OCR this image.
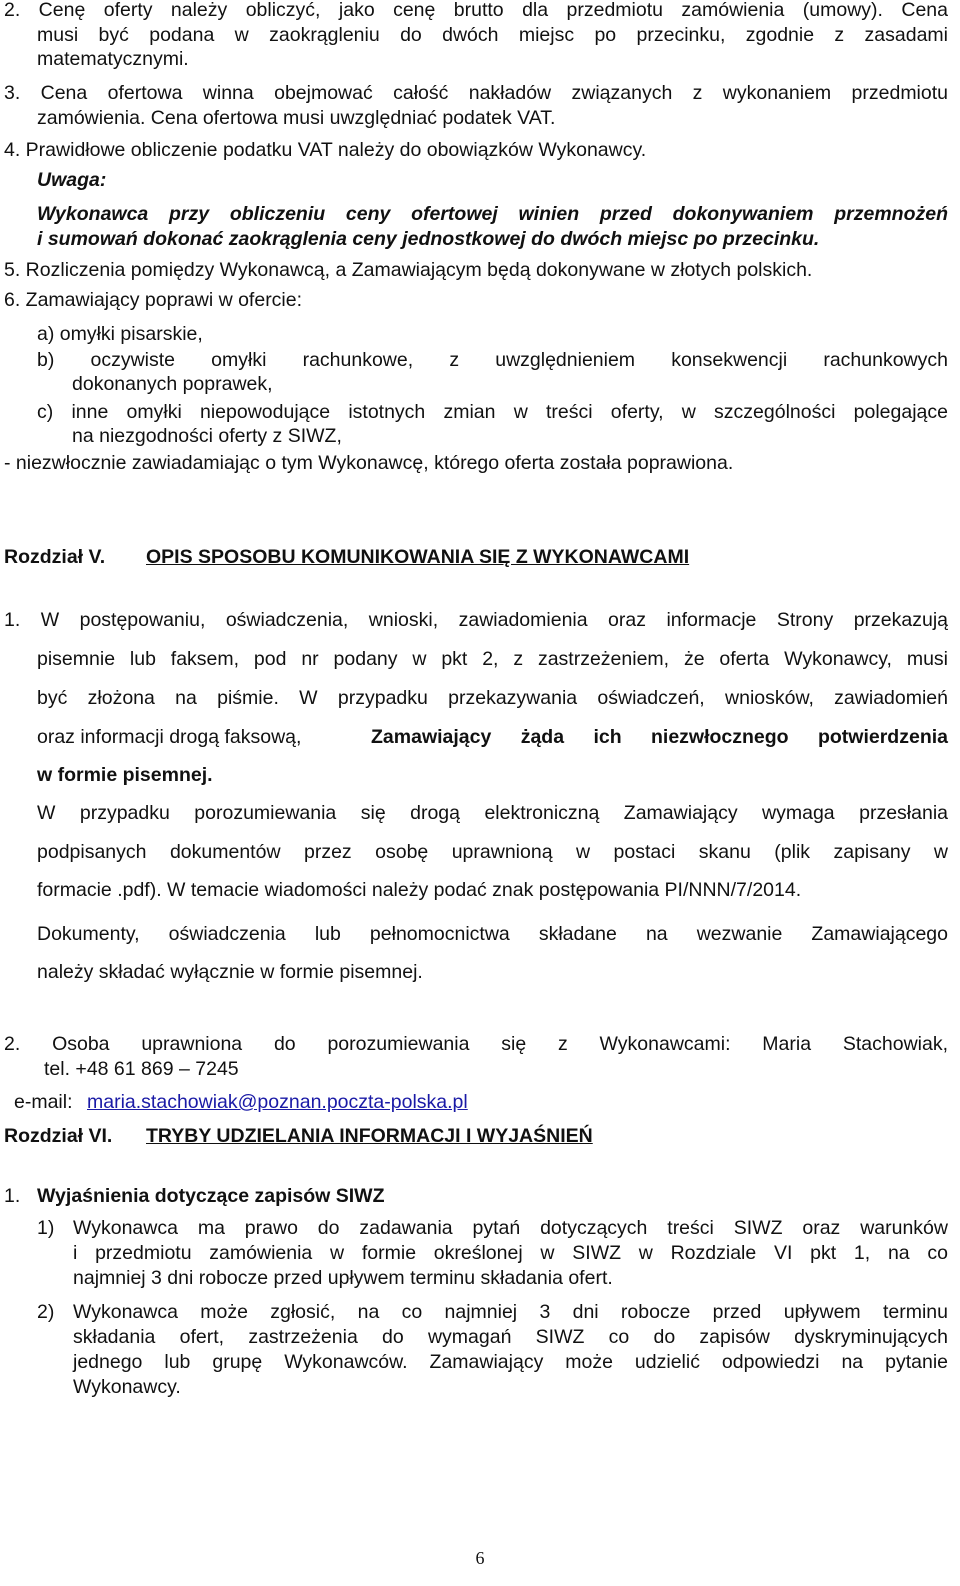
2. Cenę oferty należy obliczyć, jako cenę brutto dla przedmiotu zamówienia (umowy). Cena

musi być podana w zaokrągleniu do dwóch miejsc po przecinku, zgodnie z zasadami

matematycznymi.

3. Cena ofertowa winna obejmować całość nakładów związanych z wykonaniem przedmiotu

zamówienia. Cena ofertowa musi uwzględniać podatek VAT.

4. Prawidłowe obliczenie podatku VAT należy do obowiązków Wykonawcy.

Uwaga:

Wykonawca przy obliczeniu ceny ofertowej winien przed dokonywaniem przemnożeń

i sumowań dokonać zaokrąglenia ceny jednostkowej do dwóch miejsc po przecinku.

5. Rozliczenia pomiędzy Wykonawcą, a Zamawiającym będą dokonywane w złotych polskich.

6. Zamawiający poprawi w ofercie:

a) omyłki pisarskie,

b) oczywiste omyłki rachunkowe, z uwzględnieniem konsekwencji rachunkowych

dokonanych poprawek,

c) inne omyłki niepowodujące istotnych zmian w treści oferty, w szczególności polegające

na niezgodności oferty z SIWZ,

- niezwłocznie zawiadamiając o tym Wykonawcę, którego oferta została poprawiona.

Rozdział V. OPIS SPOSOBU KOMUNIKOWANIA SIĘ Z WYKONAWCAMI

1. W postępowaniu, oświadczenia, wnioski, zawiadomienia oraz informacje Strony przekazują

pisemnie lub faksem, pod nr podany w pkt 2, z zastrzeżeniem, że oferta Wykonawcy, musi

być złożona na piśmie. W przypadku przekazywania oświadczeń, wniosków, zawiadomień

oraz informacji drogą faksową,	Zamawiający żąda ich niezwłocznego potwierdzenia

w formie pisemnej.

W przypadku porozumiewania się drogą elektroniczną Zamawiający wymaga przesłania

podpisanych dokumentów przez osobę uprawnioną w postaci skanu (plik zapisany w

formacie .pdf). W temacie wiadomości należy podać znak postępowania PI/NNN/7/2014.

Dokumenty, oświadczenia lub pełnomocnictwa składane na wezwanie Zamawiającego

należy składać wyłącznie w formie pisemnej.

2. Osoba uprawniona do porozumiewania się z Wykonawcami: Maria Stachowiak,

tel. +48 61 869 – 7245

e-mail: maria.stachowiak@poznan.poczta-polska.pl

Rozdział VI. TRYBY UDZIELANIA INFORMACJI I WYJAŚNIEŃ

1. Wyjaśnienia dotyczące zapisów SIWZ

1) Wykonawca ma prawo do zadawania pytań dotyczących treści SIWZ oraz warunków

i przedmiotu zamówienia w formie określonej w SIWZ w Rozdziale VI pkt 1, na co

najmniej 3 dni robocze przed upływem terminu składania ofert.

2) Wykonawca może zgłosić, na co najmniej 3 dni robocze przed upływem terminu

składania ofert, zastrzeżenia do wymagań SIWZ co do zapisów dyskryminujących

jednego lub grupę Wykonawców. Zamawiający może udzielić odpowiedzi na pytanie

Wykonawcy.

6
